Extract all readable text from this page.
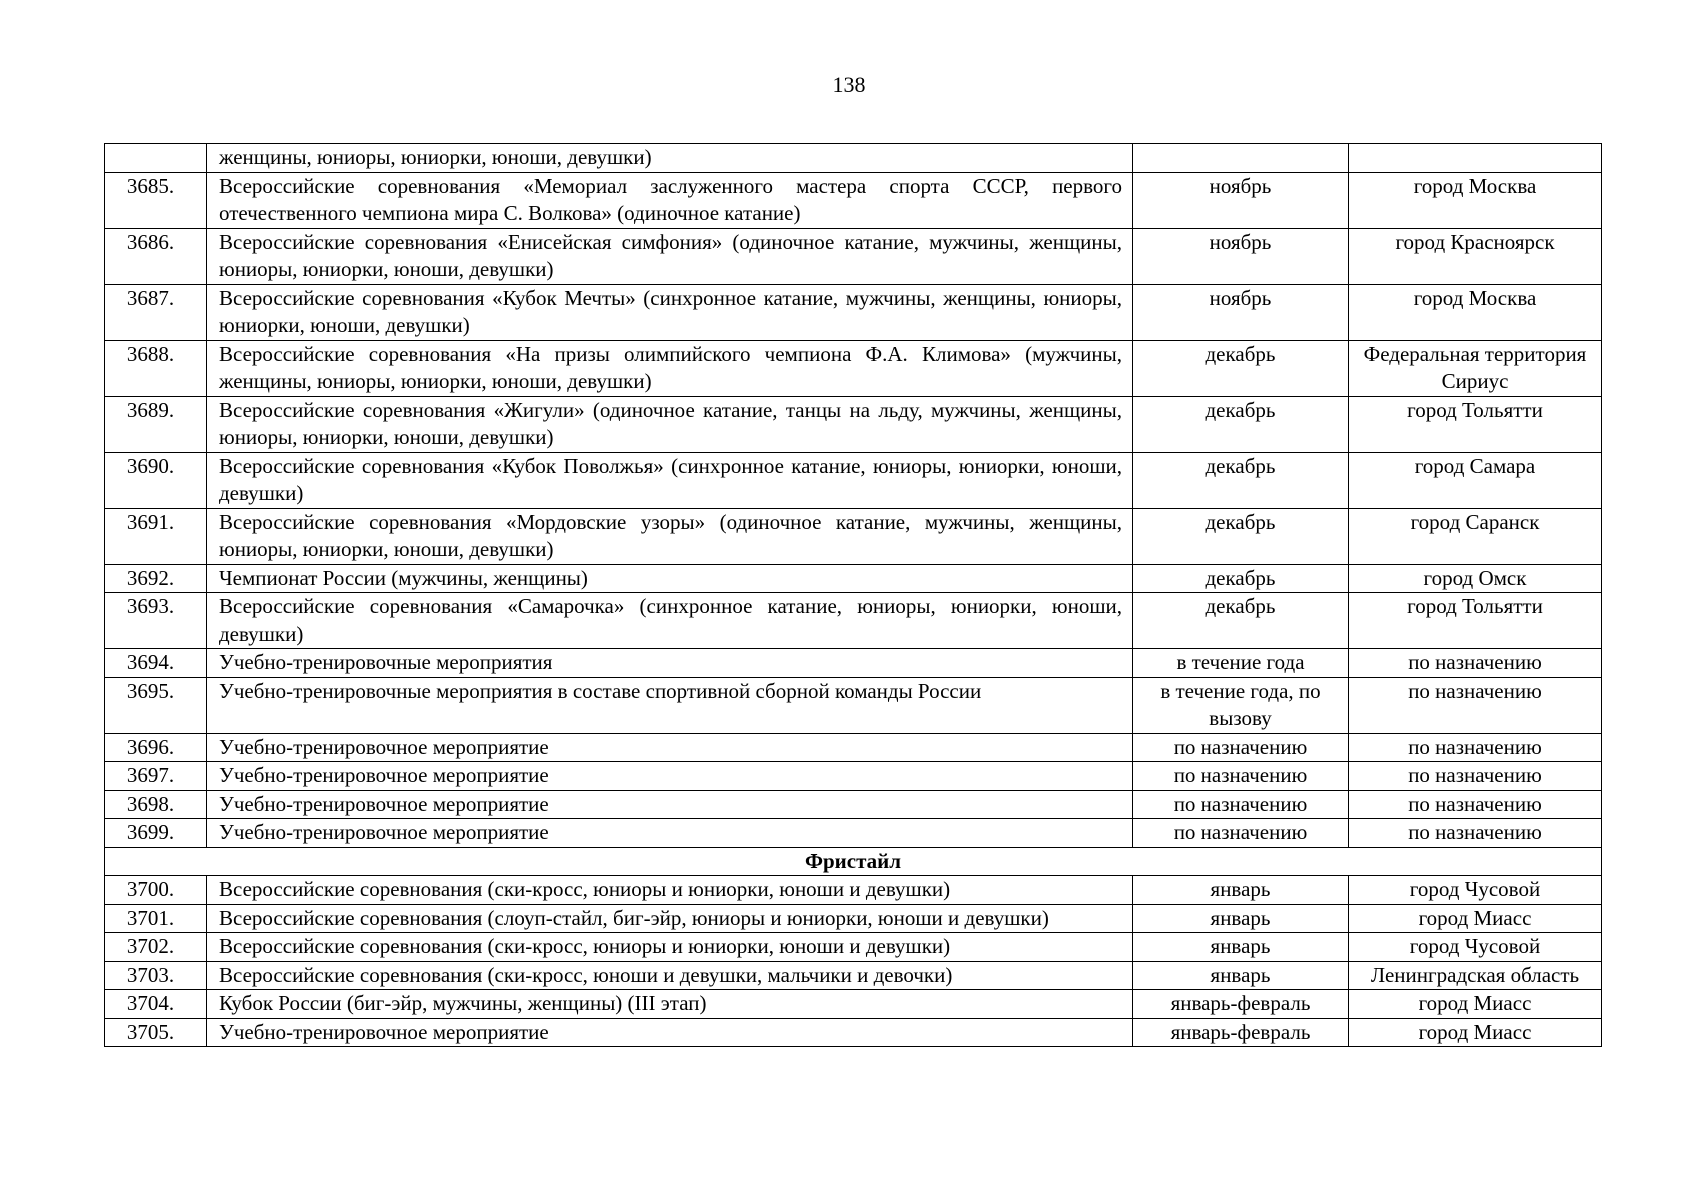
138
	женщины, юниоры, юниорки, юноши, девушки)		
3685.	Всероссийские соревнования «Мемориал заслуженного мастера спорта СССР, первого отечественного чемпиона мира С. Волкова» (одиночное катание)	ноябрь	город Москва
3686.	Всероссийские соревнования «Енисейская симфония» (одиночное катание, мужчины, женщины, юниоры, юниорки, юноши, девушки)	ноябрь	город Красноярск
3687.	Всероссийские соревнования «Кубок Мечты» (синхронное катание, мужчины, женщины, юниоры, юниорки, юноши, девушки)	ноябрь	город Москва
3688.	Всероссийские соревнования «На призы олимпийского чемпиона Ф.А. Климова» (мужчины, женщины, юниоры, юниорки, юноши, девушки)	декабрь	Федеральная территория Сириус
3689.	Всероссийские соревнования «Жигули» (одиночное катание, танцы на льду, мужчины, женщины, юниоры, юниорки, юноши, девушки)	декабрь	город Тольятти
3690.	Всероссийские соревнования «Кубок Поволжья» (синхронное катание, юниоры, юниорки, юноши, девушки)	декабрь	город Самара
3691.	Всероссийские соревнования «Мордовские узоры» (одиночное катание, мужчины, женщины, юниоры, юниорки, юноши, девушки)	декабрь	город Саранск
3692.	Чемпионат России (мужчины, женщины)	декабрь	город Омск
3693.	Всероссийские соревнования «Самарочка» (синхронное катание, юниоры, юниорки, юноши, девушки)	декабрь	город Тольятти
3694.	Учебно-тренировочные мероприятия	в течение года	по назначению
3695.	Учебно-тренировочные мероприятия в составе спортивной сборной команды России	в течение года, по вызову	по назначению
3696.	Учебно-тренировочное мероприятие	по назначению	по назначению
3697.	Учебно-тренировочное мероприятие	по назначению	по назначению
3698.	Учебно-тренировочное мероприятие	по назначению	по назначению
3699.	Учебно-тренировочное мероприятие	по назначению	по назначению
Фристайл			
3700.	Всероссийские соревнования (ски-кросс, юниоры и юниорки, юноши и девушки)	январь	город Чусовой
3701.	Всероссийские соревнования (слоуп-стайл, биг-эйр, юниоры и юниорки, юноши и девушки)	январь	город Миасс
3702.	Всероссийские соревнования (ски-кросс, юниоры и юниорки, юноши и девушки)	январь	город Чусовой
3703.	Всероссийские соревнования (ски-кросс, юноши и девушки, мальчики и девочки)	январь	Ленинградская область
3704.	Кубок России (биг-эйр, мужчины, женщины) (III этап)	январь-февраль	город Миасс
3705.	Учебно-тренировочное мероприятие	январь-февраль	город Миасс
